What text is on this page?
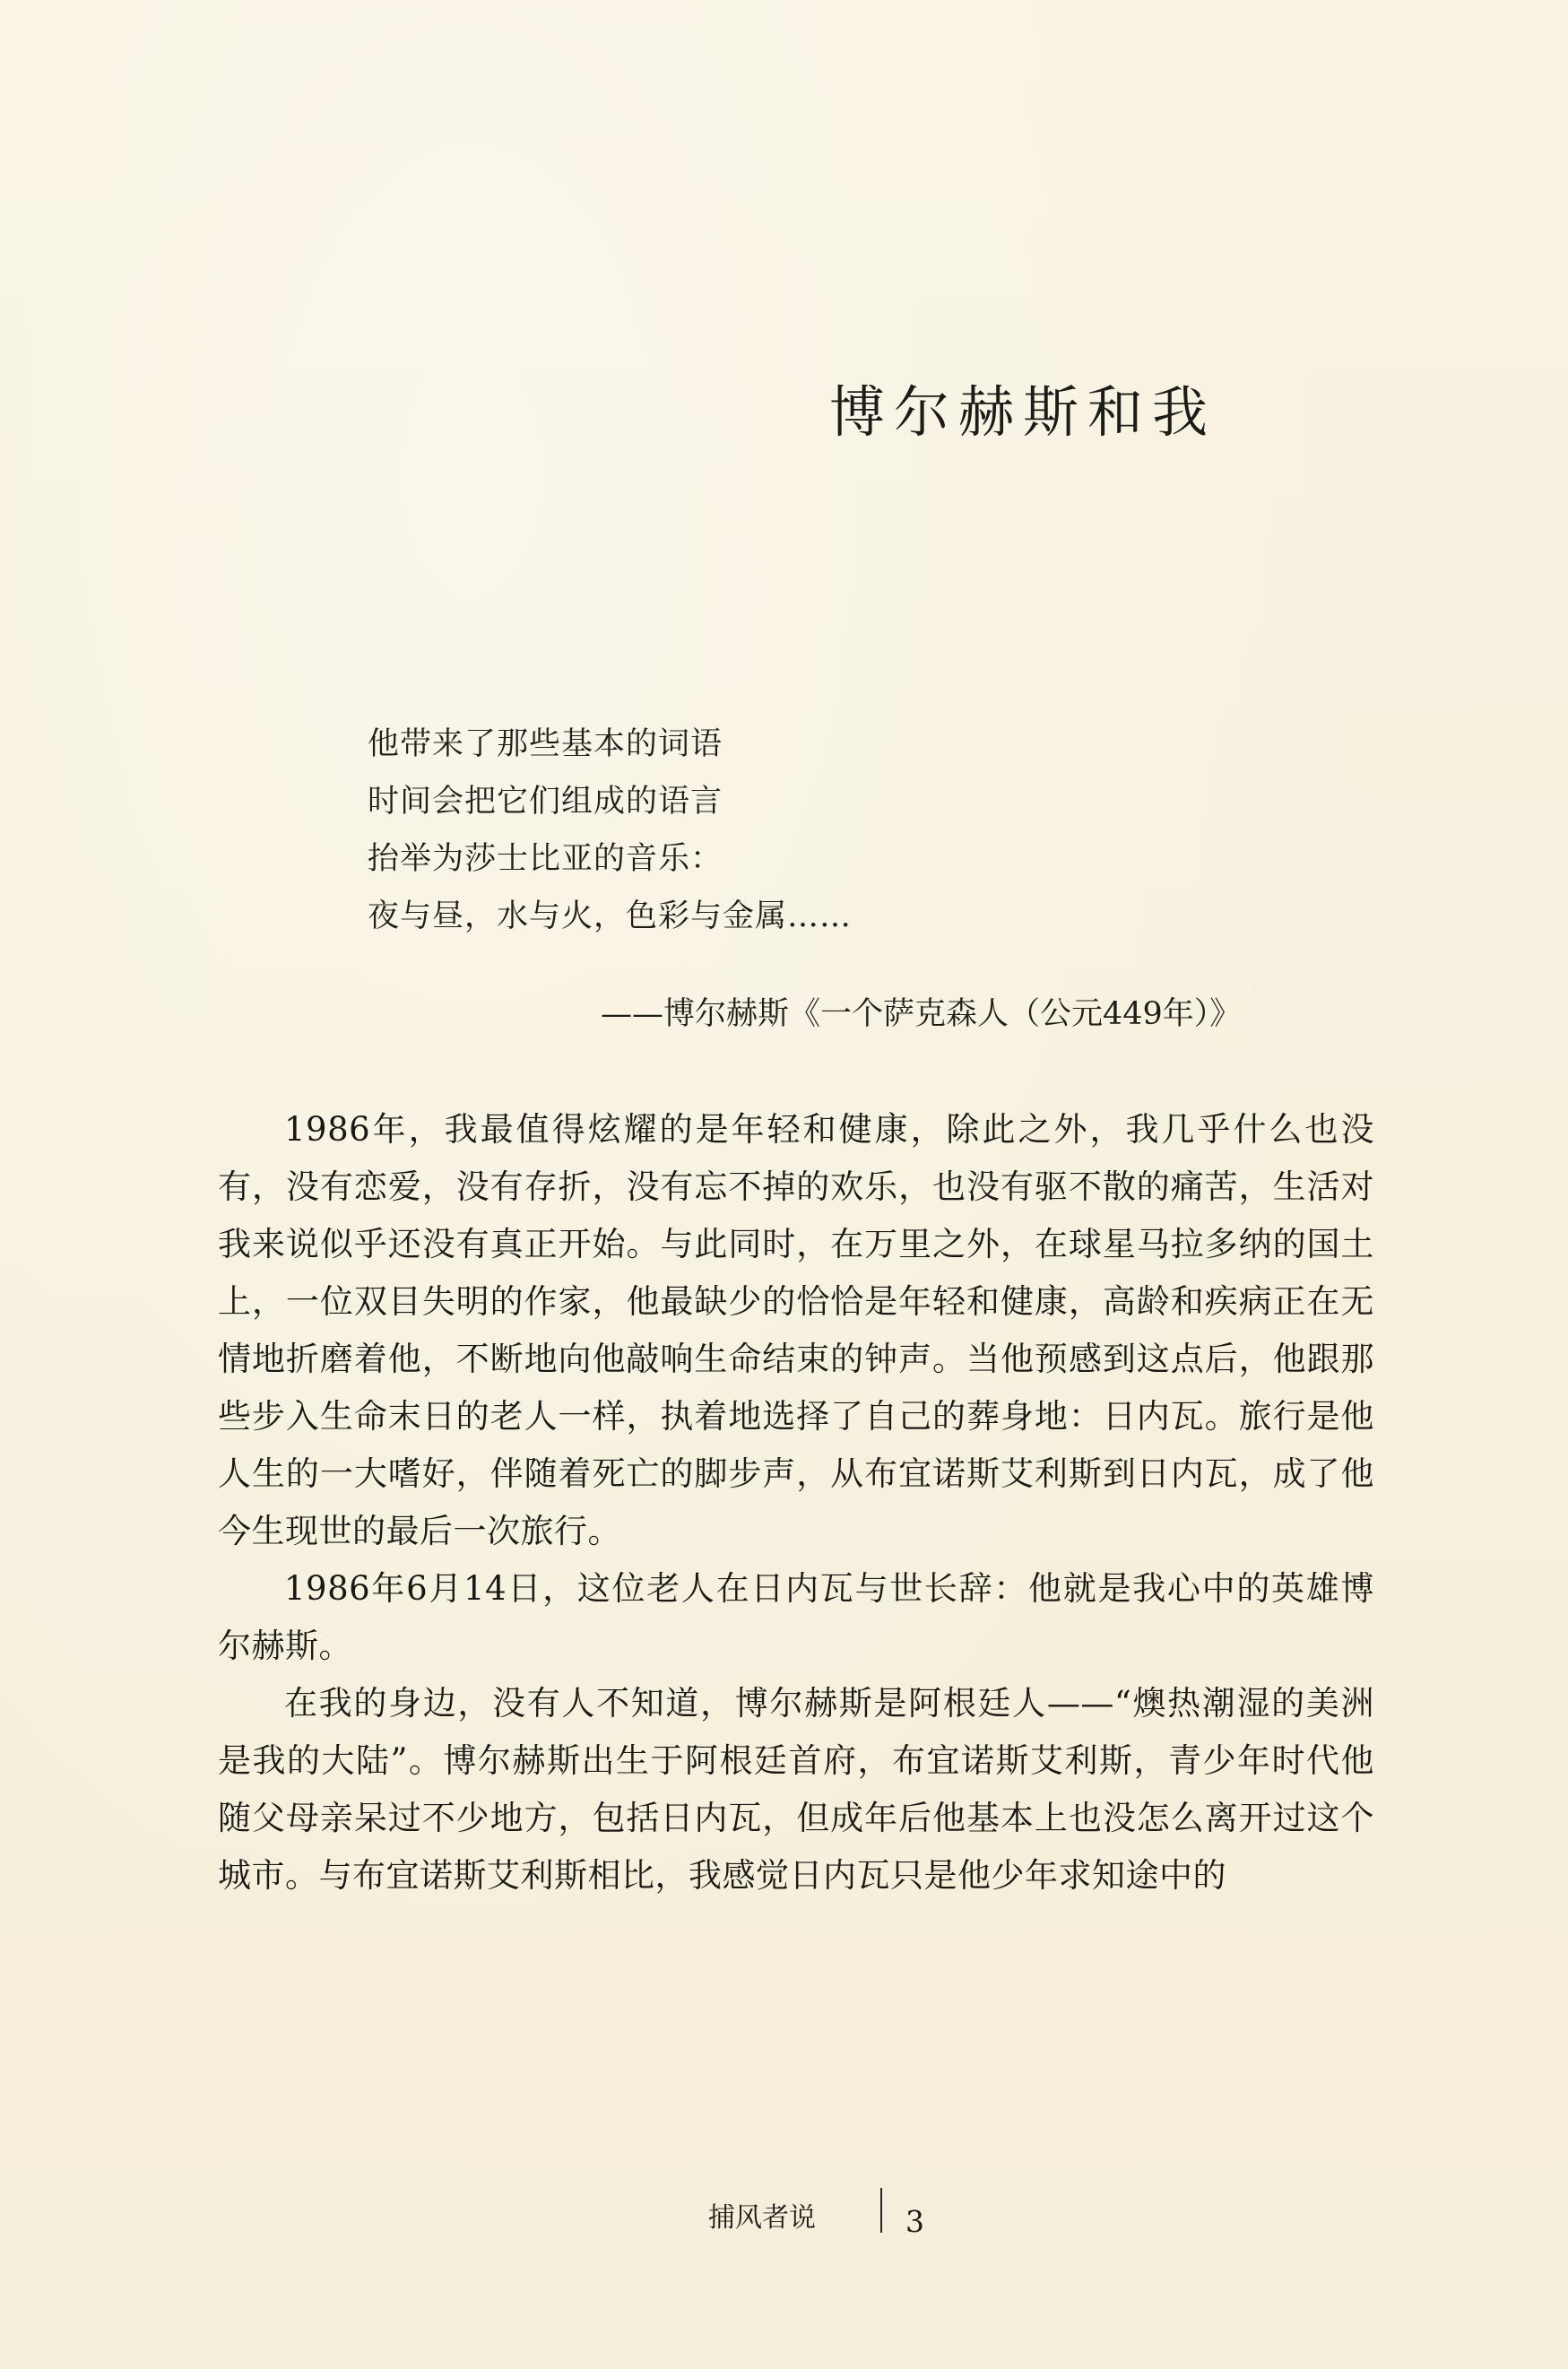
博尔赫斯和我
他带来了那些基本的词语
时间会把它们组成的语言
抬举为莎士比亚的音乐：
夜与昼，水与火，色彩与金属……
——博尔赫斯《一个萨克森人（公元449年）》

1986年，我最值得炫耀的是年轻和健康，除此之外，我几乎什么也没有，没有恋爱，没有存折，没有忘不掉的欢乐，也没有驱不散的痛苦，生活对我来说似乎还没有真正开始。与此同时，在万里之外，在球星马拉多纳的国土上，一位双目失明的作家，他最缺少的恰恰是年轻和健康，高龄和疾病正在无情地折磨着他，不断地向他敲响生命结束的钟声。当他预感到这点后，他跟那些步入生命末日的老人一样，执着地选择了自己的葬身地：日内瓦。旅行是他人生的一大嗜好，伴随着死亡的脚步声，从布宜诺斯艾利斯到日内瓦，成了他今生现世的最后一次旅行。

1986年6月14日，这位老人在日内瓦与世长辞：他就是我心中的英雄博尔赫斯。

在我的身边，没有人不知道，博尔赫斯是阿根廷人——“燠热潮湿的美洲是我的大陆”。博尔赫斯出生于阿根廷首府，布宜诺斯艾利斯，青少年时代他随父母亲呆过不少地方，包括日内瓦，但成年后他基本上也没怎么离开过这个城市。与布宜诺斯艾利斯相比，我感觉日内瓦只是他少年求知途中的

捕风者说	3
